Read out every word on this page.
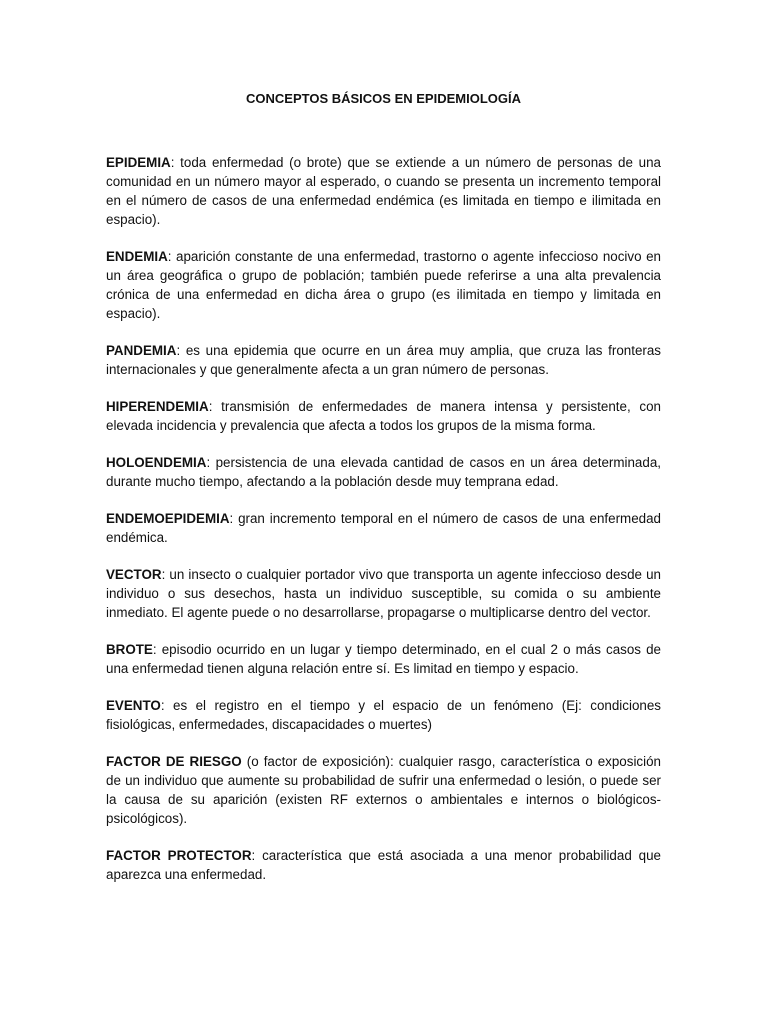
CONCEPTOS BÁSICOS EN EPIDEMIOLOGÍA

EPIDEMIA: toda enfermedad (o brote) que se extiende a un número de personas de una comunidad en un número mayor al esperado, o cuando se presenta un incremento temporal en el número de casos de una enfermedad endémica (es limitada en tiempo e ilimitada en espacio).

ENDEMIA: aparición constante de una enfermedad, trastorno o agente infeccioso nocivo en un área geográfica o grupo de población; también puede referirse a una alta prevalencia crónica de una enfermedad en dicha área o grupo (es ilimitada en tiempo y limitada en espacio).

PANDEMIA: es una epidemia que ocurre en un área muy amplia, que cruza las fronteras internacionales y que generalmente afecta a un gran número de personas.

HIPERENDEMIA: transmisión de enfermedades de manera intensa y persistente, con elevada incidencia y prevalencia que afecta a todos los grupos de la misma forma.

HOLOENDEMIA: persistencia de una elevada cantidad de casos en un área determinada, durante mucho tiempo, afectando a la población desde muy temprana edad.

ENDEMOEPIDEMIA: gran incremento temporal en el número de casos de una enfermedad endémica.

VECTOR: un insecto o cualquier portador vivo que transporta un agente infeccioso desde un individuo o sus desechos, hasta un individuo susceptible, su comida o su ambiente inmediato. El agente puede o no desarrollarse, propagarse o multiplicarse dentro del vector.

BROTE: episodio ocurrido en un lugar y tiempo determinado, en el cual 2 o más casos de una enfermedad tienen alguna relación entre sí. Es limitad en tiempo y espacio.

EVENTO: es el registro en el tiempo y el espacio de un fenómeno (Ej: condiciones fisiológicas, enfermedades, discapacidades o muertes)

FACTOR DE RIESGO (o factor de exposición): cualquier rasgo, característica o exposición de un individuo que aumente su probabilidad de sufrir una enfermedad o lesión, o puede ser la causa de su aparición (existen RF externos o ambientales e internos o biológicos-psicológicos).

FACTOR PROTECTOR: característica que está asociada a una menor probabilidad que aparezca una enfermedad.
